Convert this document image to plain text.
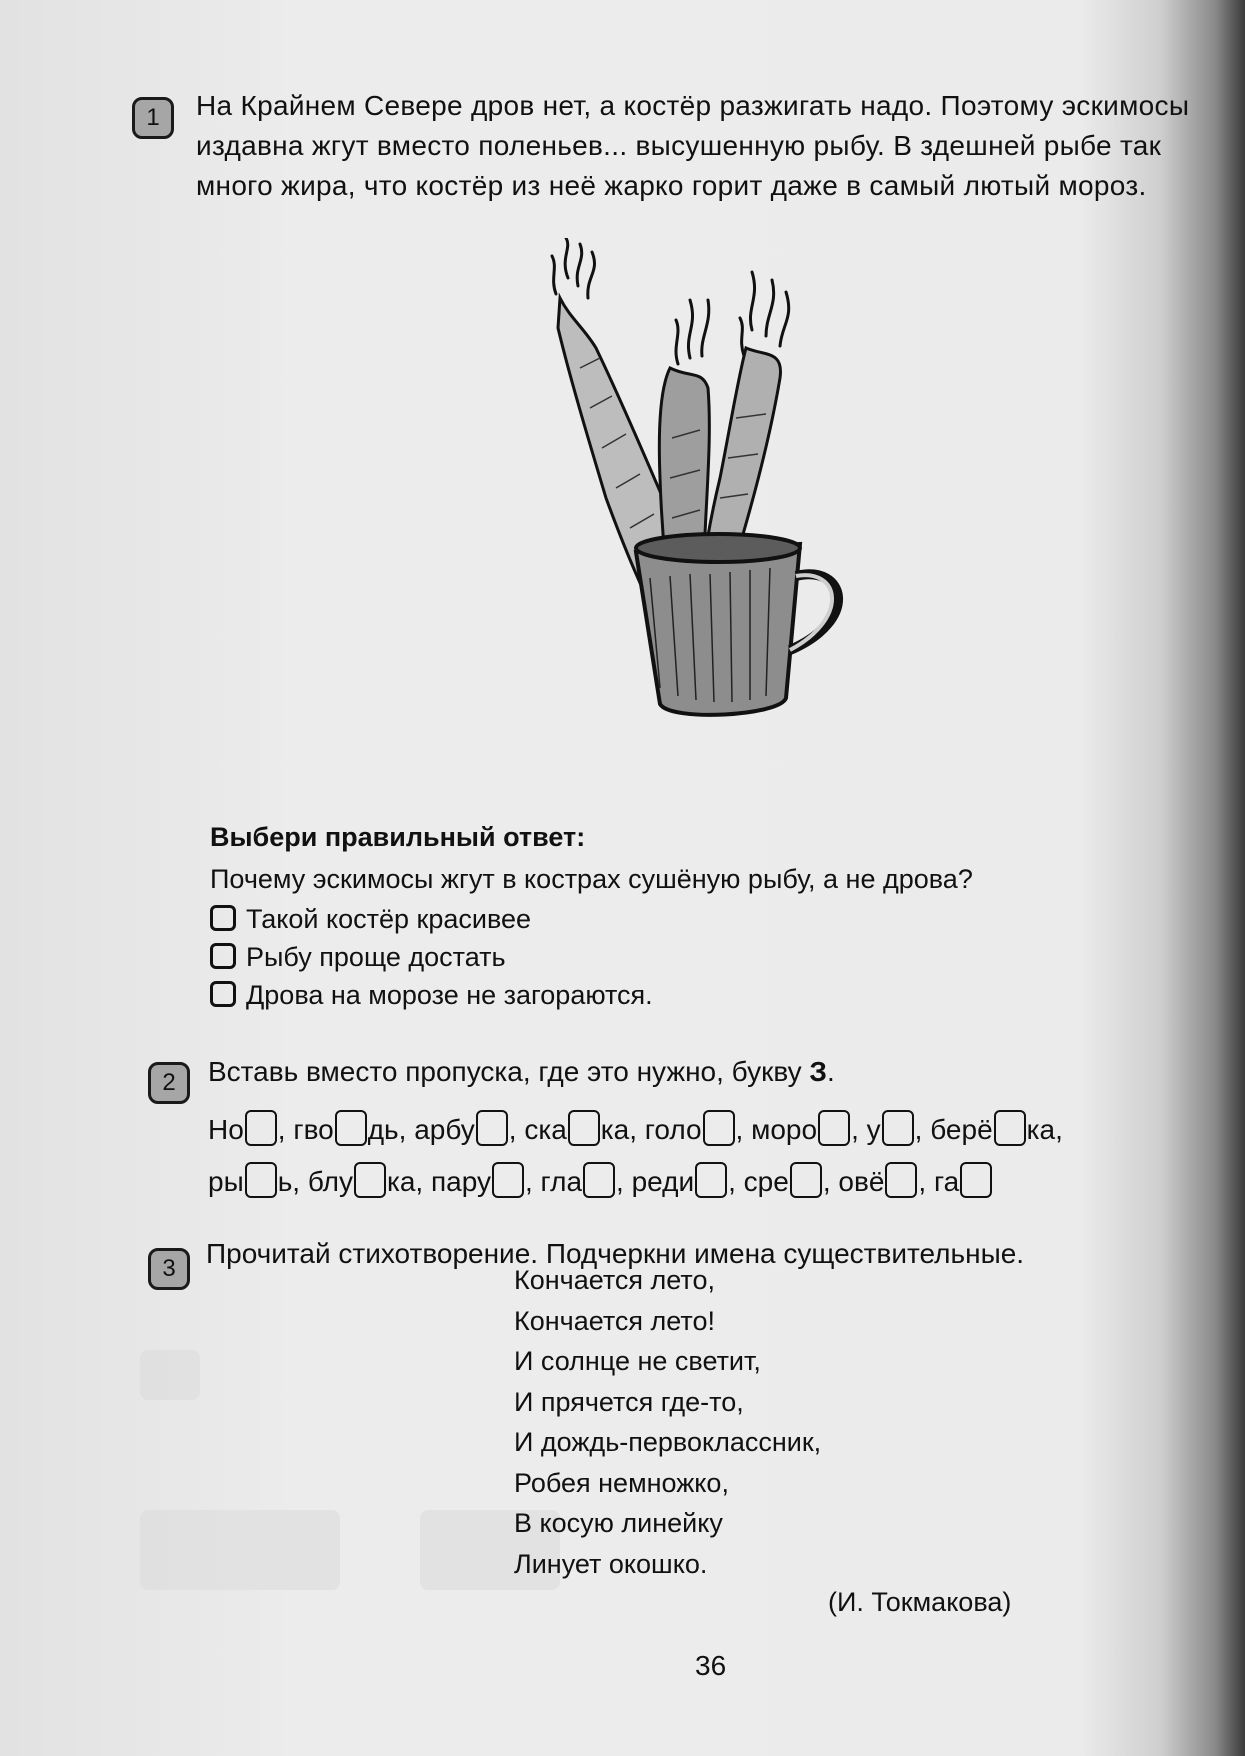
1	На Крайнем Севере дров нет, а костёр разжигать надо. Поэтому эскимосы
издавна жгут вместо поленьев... высушенную рыбу. В здешней рыбе так
много жира, что костёр из неё жарко горит даже в самый лютый мороз.
Выбери правильный ответ:
Почему эскимосы жгут в кострах сушёную рыбу, а не дрова?
Такой костёр красивее
Рыбу проще достать
Дрова на морозе не загораются.
2	Вставь вместо пропуска, где это нужно, букву З.
Но , гво дь, арбу , ска ка, голо , моро , у , берё ка,
ры ь, блу ка, пару , гла , реди , сре , овё , га
3	Прочитай стихотворение. Подчеркни имена существительные.
Кончается лето,
Кончается лето!
И солнце не светит,
И прячется где-то,
И дождь-первоклассник,
Робея немножко,
В косую линейку
Линует окошко.
(И. Токмакова)
36
